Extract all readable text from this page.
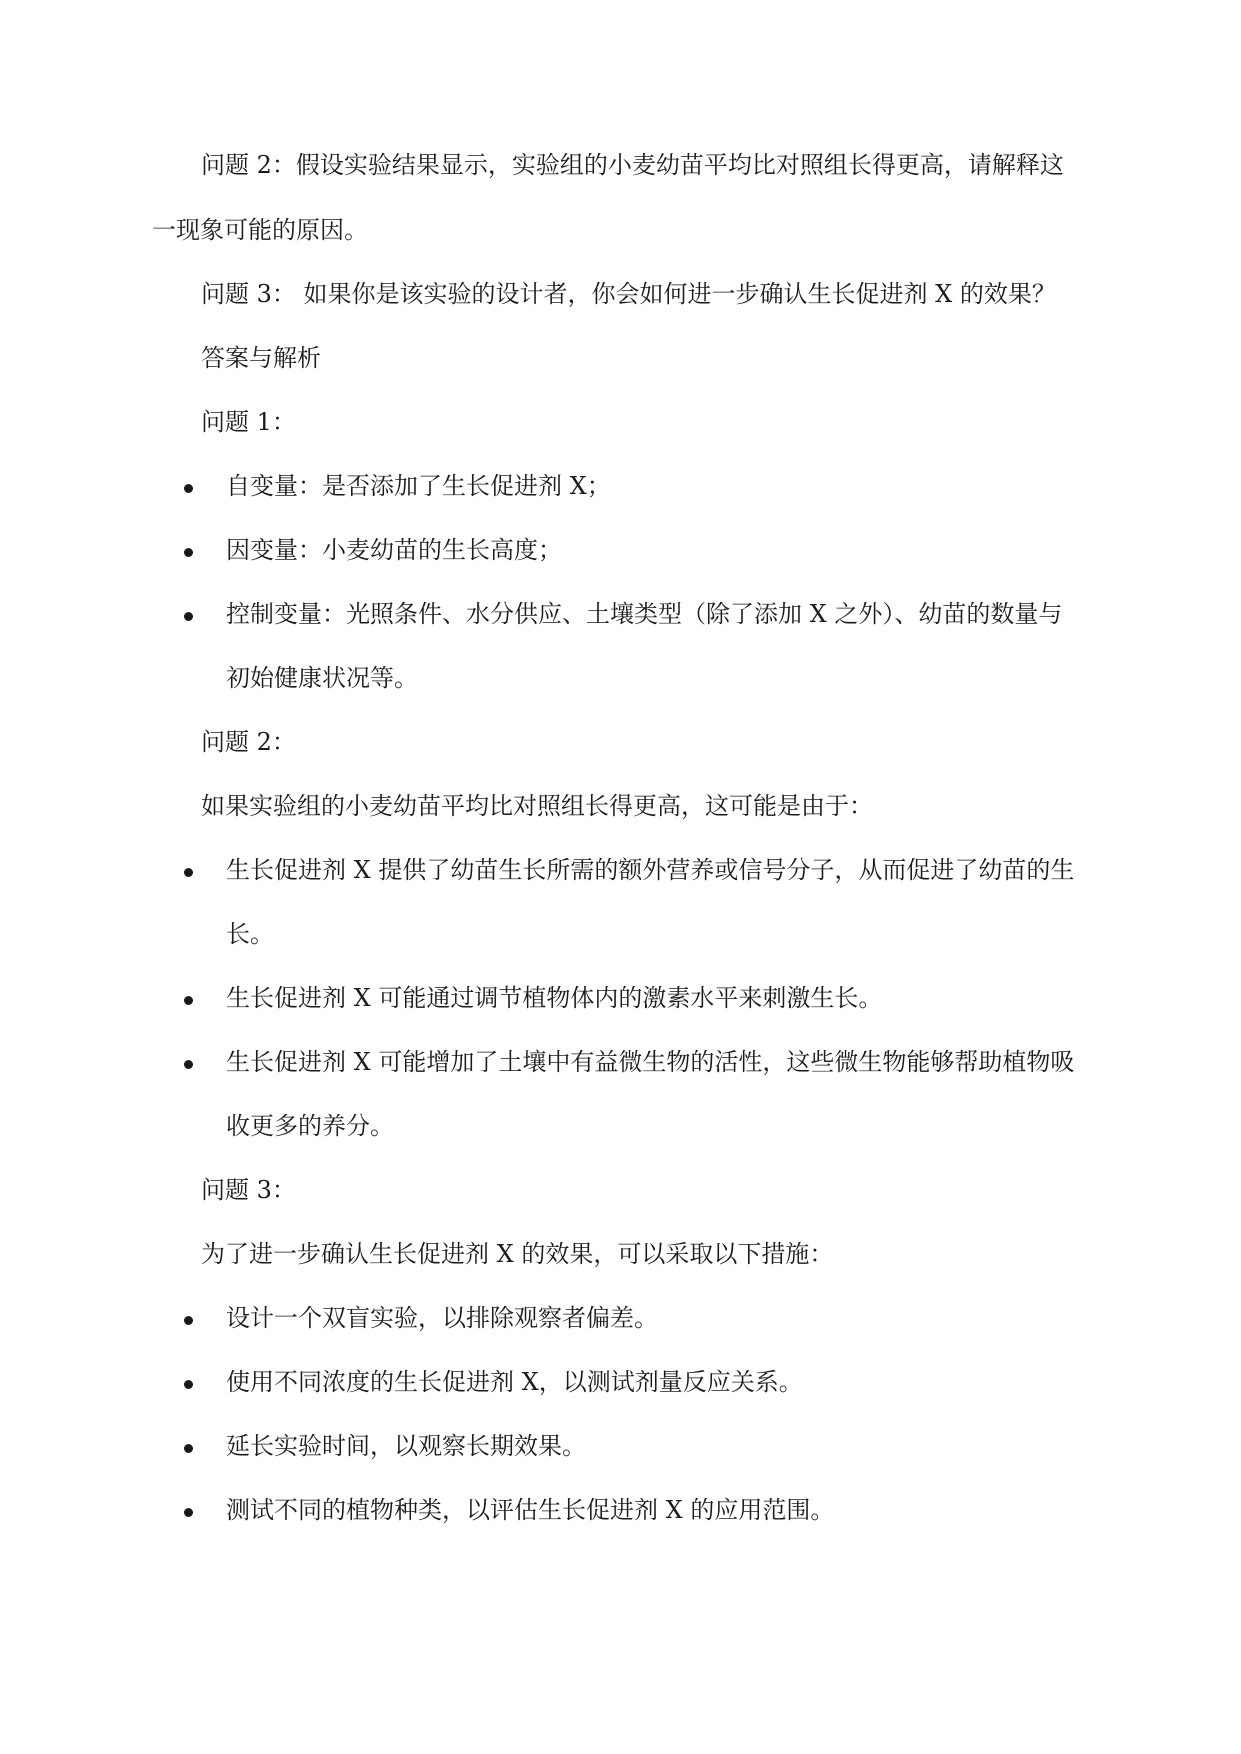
问题 2：假设实验结果显示，实验组的小麦幼苗平均比对照组长得更高，请解释这
一现象可能的原因。
问题 3： 如果你是该实验的设计者，你会如何进一步确认生长促进剂 X 的效果？
答案与解析
问题 1：
自变量：是否添加了生长促进剂 X；
因变量：小麦幼苗的生长高度；
控制变量：光照条件、水分供应、土壤类型（除了添加 X 之外）、幼苗的数量与
初始健康状况等。
问题 2：
如果实验组的小麦幼苗平均比对照组长得更高，这可能是由于：
生长促进剂 X 提供了幼苗生长所需的额外营养或信号分子，从而促进了幼苗的生
长。
生长促进剂 X 可能通过调节植物体内的激素水平来刺激生长。
生长促进剂 X 可能增加了土壤中有益微生物的活性，这些微生物能够帮助植物吸
收更多的养分。
问题 3：
为了进一步确认生长促进剂 X 的效果，可以采取以下措施：
设计一个双盲实验，以排除观察者偏差。
使用不同浓度的生长促进剂 X，以测试剂量反应关系。
延长实验时间，以观察长期效果。
测试不同的植物种类，以评估生长促进剂 X 的应用范围。
